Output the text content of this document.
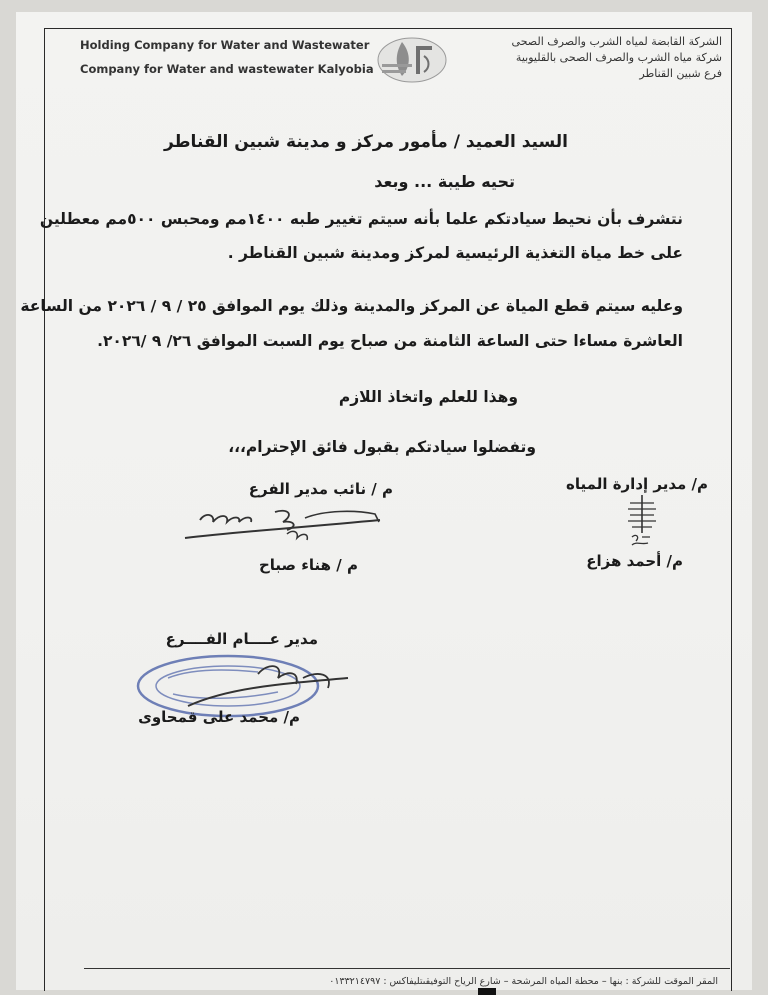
Holding Company for Water and Wastewater
Company for Water and wastewater Kalyobia
الشركة القابضة لمياه الشرب والصرف الصحى
شركة مياه الشرب والصرف الصحى بالقليوبية
فرع شبين القناطر
السيد العميد / مأمور مركز و مدينة شبين القناطر
تحيه طيبة ... وبعد
نتشرف بأن نحيط سيادتكم علما بأنه سيتم تغيير طبه ١٤٠٠مم ومحبس ٥٠٠مم معطلين
على خط مياة التغذية الرئيسية لمركز ومدينة شبين القناطر .
وعليه سيتم قطع المياة عن المركز والمدينة وذلك يوم الموافق ٢٥ / ٩ / ٢٠٢٦ من الساعة
العاشرة مساءا حتى الساعة الثامنة من صباح يوم السبت الموافق ٢٦/ ٩ /٢٠٢٦.
وهذا للعلم واتخاذ اللازم
وتفضلوا سيادتكم بقبول فائق الإحترام،،،
م / نائب مدير الفرع
م / هناء صباح
م/ مدير إدارة المياه
م/ أحمد هزاع
مدير عــــام الفــــرع
م/ محمد على قمحاوى
المقر الموقت للشركة : بنها – محطة المياه المرشحة – شارع الرياح التوفيقىتليفاكس : ٠١٣٣٢١٤٧٩٧
